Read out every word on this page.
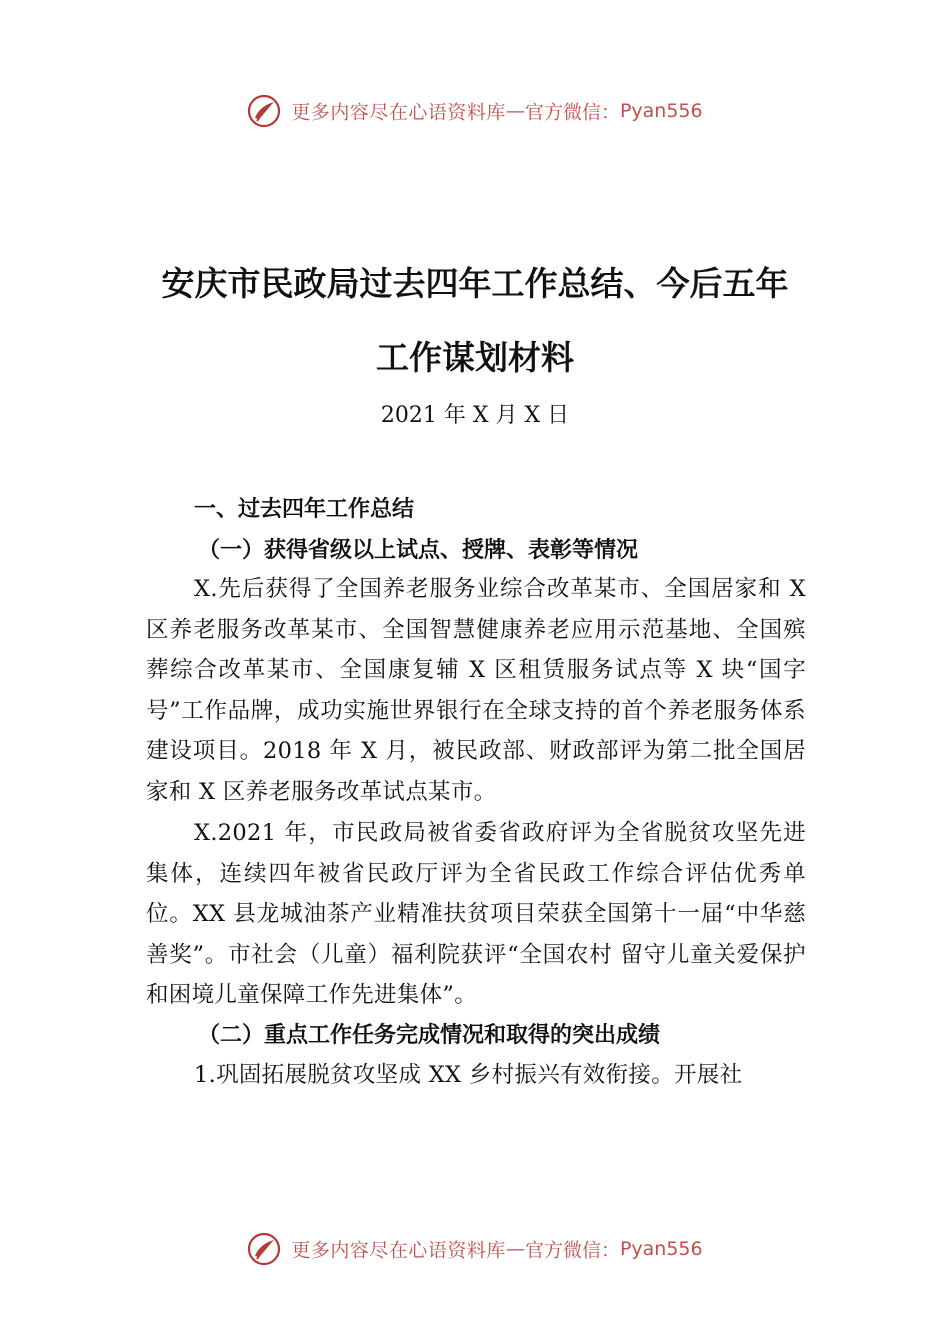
更多内容尽在心语资料库—官方微信：Pyan556
安庆市民政局过去四年工作总结、今后五年
工作谋划材料
2021 年 X 月 X 日
一、过去四年工作总结
（一）获得省级以上试点、授牌、表彰等情况
X.先后获得了全国养老服务业综合改革某市、全国居家和 X 区养老服务改革某市、全国智慧健康养老应用示范基地、全国殡葬综合改革某市、全国康复辅 X 区租赁服务试点等 X 块“国字号”工作品牌，成功实施世界银行在全球支持的首个养老服务体系建设项目。2018 年 X 月，被民政部、财政部评为第二批全国居家和 X 区养老服务改革试点某市。
X.2021 年，市民政局被省委省政府评为全省脱贫攻坚先进集体，连续四年被省民政厅评为全省民政工作综合评估优秀单位。XX 县龙城油茶产业精准扶贫项目荣获全国第十一届“中华慈善奖”。市社会（儿童）福利院获评“全国农村 留守儿童关爱保护和困境儿童保障工作先进集体”。
（二）重点工作任务完成情况和取得的突出成绩
1.巩固拓展脱贫攻坚成 XX 乡村振兴有效衔接。开展社
更多内容尽在心语资料库—官方微信：Pyan556
